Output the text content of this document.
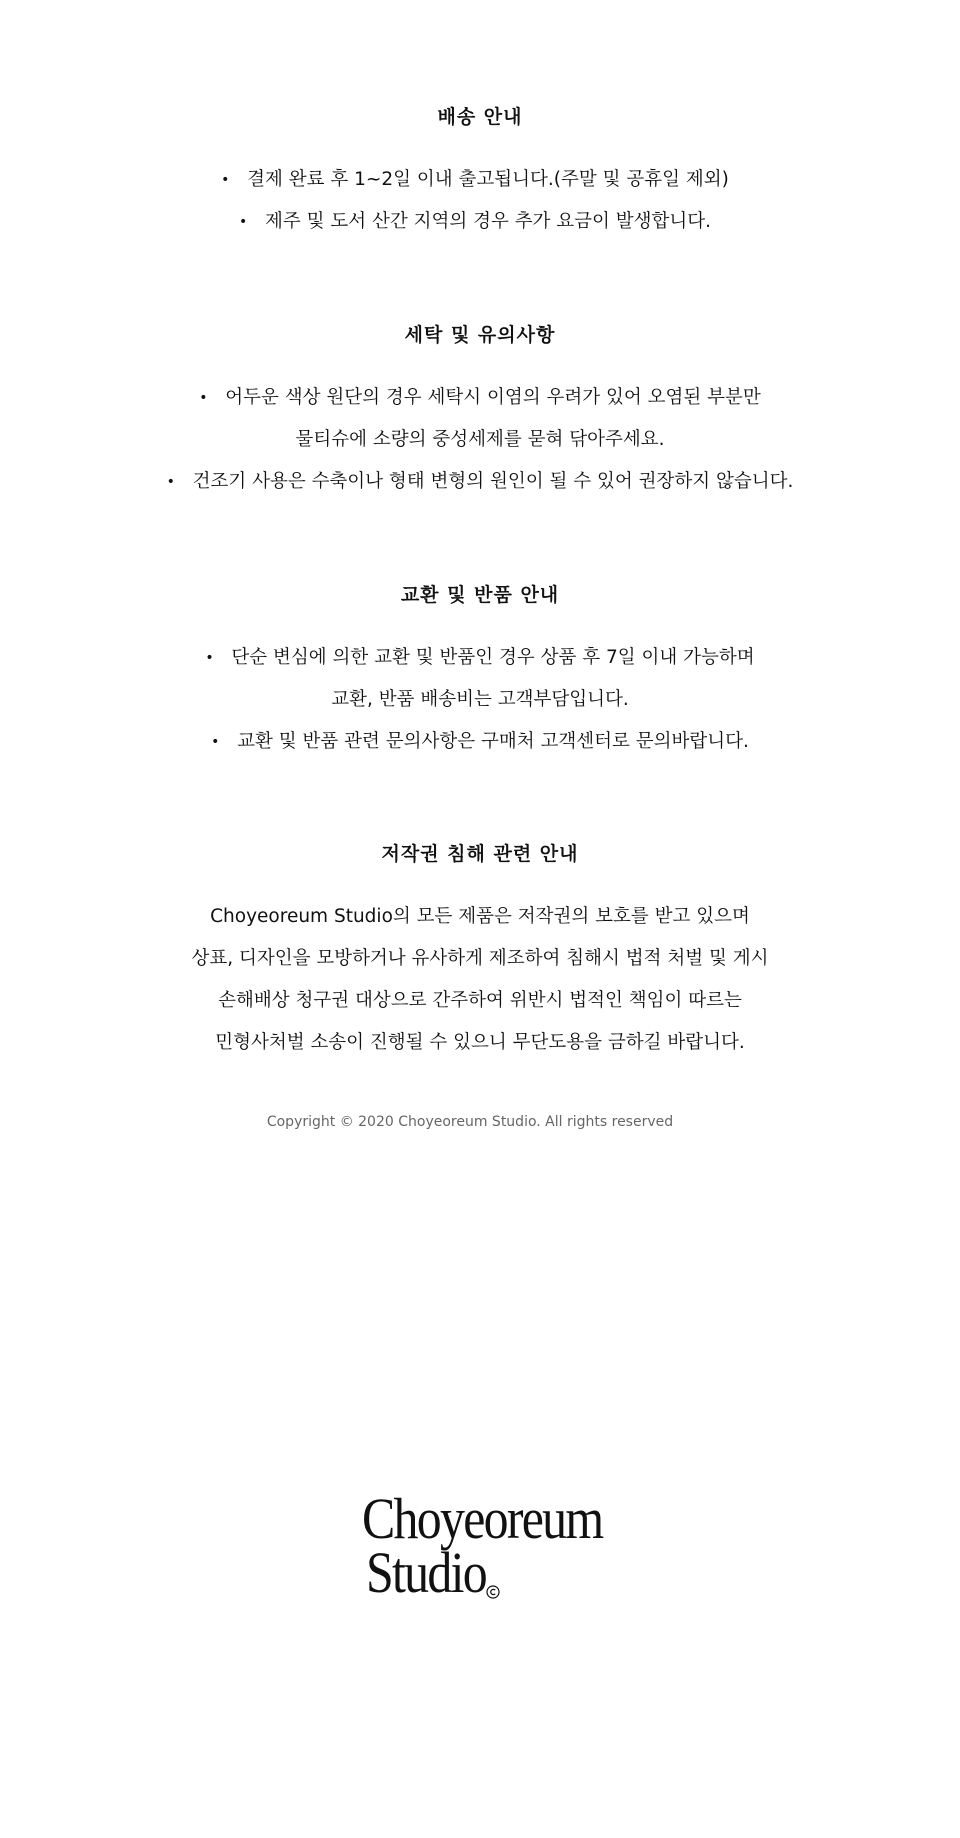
배송 안내
• 결제 완료 후 1~2일 이내 출고됩니다.(주말 및 공휴일 제외)
• 제주 및 도서 산간 지역의 경우 추가 요금이 발생합니다.
세탁 및 유의사항
• 어두운 색상 원단의 경우 세탁시 이염의 우려가 있어 오염된 부분만
물티슈에 소량의 중성세제를 묻혀 닦아주세요.
• 건조기 사용은 수축이나 형태 변형의 원인이 될 수 있어 권장하지 않습니다.
교환 및 반품 안내
• 단순 변심에 의한 교환 및 반품인 경우 상품 후 7일 이내 가능하며
교환, 반품 배송비는 고객부담입니다.
• 교환 및 반품 관련 문의사항은 구매처 고객센터로 문의바랍니다.
저작권 침해 관련 안내
Choyeoreum Studio의 모든 제품은 저작권의 보호를 받고 있으며
상표, 디자인을 모방하거나 유사하게 제조하여 침해시 법적 처벌 및 게시
손해배상 청구권 대상으로 간주하여 위반시 법적인 책임이 따르는
민형사처벌 소송이 진행될 수 있으니 무단도용을 금하길 바랍니다.
Copyright © 2020 Choyeoreum Studio. All rights reserved
Choyeoreum
Studio
